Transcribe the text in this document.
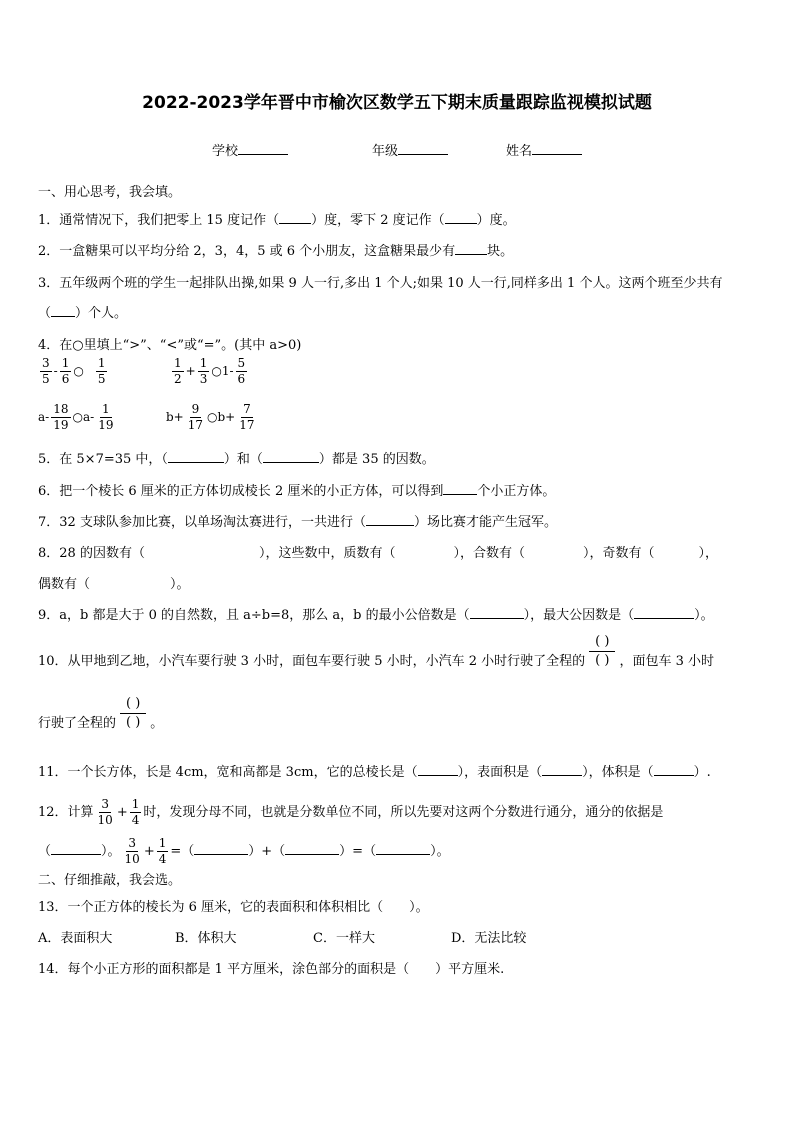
2022-2023学年晋中市榆次区数学五下期末质量跟踪监视模拟试题
学校	年级	姓名
一、用心思考，我会填。
1．通常情况下，我们把零上 15 度记作（ ）度，零下 2 度记作（ ）度。
2．一盒糖果可以平均分给 2，3，4，5 或 6 个小朋友，这盒糖果最少有 块。
3．五年级两个班的学生一起排队出操,如果 9 人一行,多出 1 个人;如果 10 人一行,同样多出 1 个人。这两个班至少共有
（ ）个人。
4．在○里填上“>”、“<”或“=”。(其中 a>0)
$\frac{3}{5} - \frac{1}{6}$ ○ $\frac{1}{5}$	$\frac{1}{2} + \frac{1}{3}$ ○1- $\frac{5}{6}$
$a- \frac{18}{19}$ ○a- $\frac{1}{19}$	$b+ \frac{9}{17}$ ○b+ $\frac{7}{17}$
5．在 5×7=35 中，（	）和（	）都是 35 的因数。
6．把一个棱长 6 厘米的正方体切成棱长 2 厘米的小正方体，可以得到	个小正方体。
7．32 支球队参加比赛，以单场淘汰赛进行，一共进行（	）场比赛才能产生冠军。
8．28 的因数有（	），这些数中，质数有（	），合数有（	），奇数有（	），
偶数有（	）。
9．a，b 都是大于 0 的自然数，且 a÷b=8，那么 a，b 的最小公倍数是（	），最大公因数是（	）。
10．从甲地到乙地，小汽车要行驶 3 小时，面包车要行驶 5 小时，小汽车 2 小时行驶了全程的 $\frac{( )}{( )}$ ，面包车 3 小时
行驶了全程的 $\frac{( )}{( )}$ 。
11．一个长方体，长是 4cm，宽和高都是 3cm，它的总棱长是（	），表面积是（	），体积是（	）.
12．计算 $\frac{3}{10} + \frac{1}{4}$ 时，发现分母不同，也就是分数单位不同，所以先要对这两个分数进行通分，通分的依据是
（	）。 $\frac{3}{10} + \frac{1}{4}$ =（	）+（	）=（	）。
二、仔细推敲，我会选。
13．一个正方体的棱长为 6 厘米，它的表面积和体积相比（　　）。
A．表面积大	B．体积大	C．一样大	D．无法比较
14．每个小正方形的面积都是 1 平方厘米，涂色部分的面积是（　　）平方厘米.
